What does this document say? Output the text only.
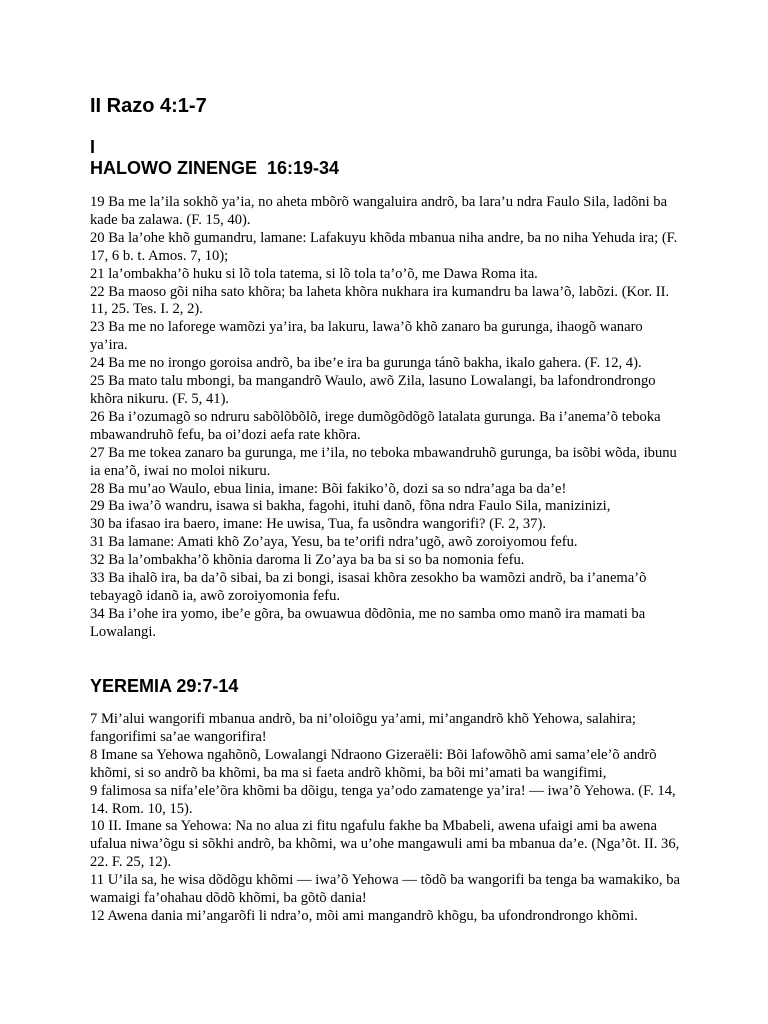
II Razo 4:1-7
I
HALOWO ZINENGE  16:19-34

19 Ba me la’ila sokhõ ya’ia, no aheta mbõrõ wangaluira andrõ, ba lara’u ndra Faulo Sila, ladõni ba kade ba zalawa. (F. 15, 40).

20 Ba la’ohe khõ gumandru, lamane: Lafakuyu khõda mbanua niha andre, ba no niha Yehuda ira; (F. 17, 6 b. t. Amos. 7, 10);

21 la’ombakha’õ huku si lõ tola tatema, si lõ tola ta’o’õ, me Dawa Roma ita.

22 Ba maoso gõi niha sato khõra; ba laheta khõra nukhara ira kumandru ba lawa’õ, labõzi. (Kor. II. 11, 25. Tes. I. 2, 2).

23 Ba me no laforege wamõzi ya’ira, ba lakuru, lawa’õ khõ zanaro ba gurunga, ihaogõ wanaro ya’ira.

24 Ba me no irongo goroisa andrõ, ba ibe’e ira ba gurunga tánõ bakha, ikalo gahera. (F. 12, 4).

25 Ba mato talu mbongi, ba mangandrõ Waulo, awõ Zila, lasuno Lowalangi, ba lafondrondrongo khõra nikuru. (F. 5, 41).

26 Ba i’ozumagõ so ndruru sabõlõbõlõ, irege dumõgõdõgõ latalata gurunga. Ba i’anema’õ teboka mbawandruhõ fefu, ba oi’dozi aefa rate khõra.

27 Ba me tokea zanaro ba gurunga, me i’ila, no teboka mbawandruhõ gurunga, ba isõbi wõda, ibunu ia ena’õ, iwai no moloi nikuru.

28 Ba mu’ao Waulo, ebua linia, imane: Bõi fakiko’õ, dozi sa so ndra’aga ba da’e!

29 Ba iwa’õ wandru, isawa si bakha, fagohi, ituhi danõ, fõna ndra Faulo Sila, manizinizi,

30 ba ifasao ira baero, imane: He uwisa, Tua, fa usõndra wangorifi? (F. 2, 37).

31 Ba lamane: Amati khõ Zo’aya, Yesu, ba te’orifi ndra’ugõ, awõ zoroiyomou fefu.

32 Ba la’ombakha’õ khõnia daroma li Zo’aya ba ba si so ba nomonia fefu.

33 Ba ihalõ ira, ba da’õ sibai, ba zi bongi, isasai khõra zesokho ba wamõzi andrõ, ba i’anema’õ tebayagõ idanõ ia, awõ zoroiyomonia fefu.

34 Ba i’ohe ira yomo, ibe’e gõra, ba owuawua dõdõnia, me no samba omo manõ ira mamati ba Lowalangi.

YEREMIA 29:7-14

7 Mi’alui wangorifi mbanua andrõ, ba ni’oloiõgu ya’ami, mi’angandrõ khõ Yehowa, salahira; fangorifimi sa’ae wangorifira!

8 Imane sa Yehowa ngahõnõ, Lowalangi Ndraono Gizeraëli: Bõi lafowõhõ ami sama’ele’õ andrõ khõmi, si so andrõ ba khõmi, ba ma si faeta andrõ khõmi, ba bõi mi’amati ba wangifimi,

9 falimosa sa nifa’ele’õra khõmi ba dõigu, tenga ya’odo zamatenge ya’ira! — iwa’õ Yehowa. (F. 14, 14. Rom. 10, 15).

10 II. Imane sa Yehowa: Na no alua zi fitu ngafulu fakhe ba Mbabeli, awena ufaigi ami ba awena ufalua niwa’õgu si sõkhi andrõ, ba khõmi, wa u’ohe mangawuli ami ba mbanua da’e. (Nga’õt. II. 36, 22. F. 25, 12).

11 U’ila sa, he wisa dõdõgu khõmi — iwa’õ Yehowa — tõdõ ba wangorifi ba tenga ba wamakiko, ba wamaigi fa’ohahau dõdõ khõmi, ba gõtõ dania!

12 Awena dania mi’angarõfi li ndra’o, mõi ami mangandrõ khõgu, ba ufondrondrongo khõmi.
